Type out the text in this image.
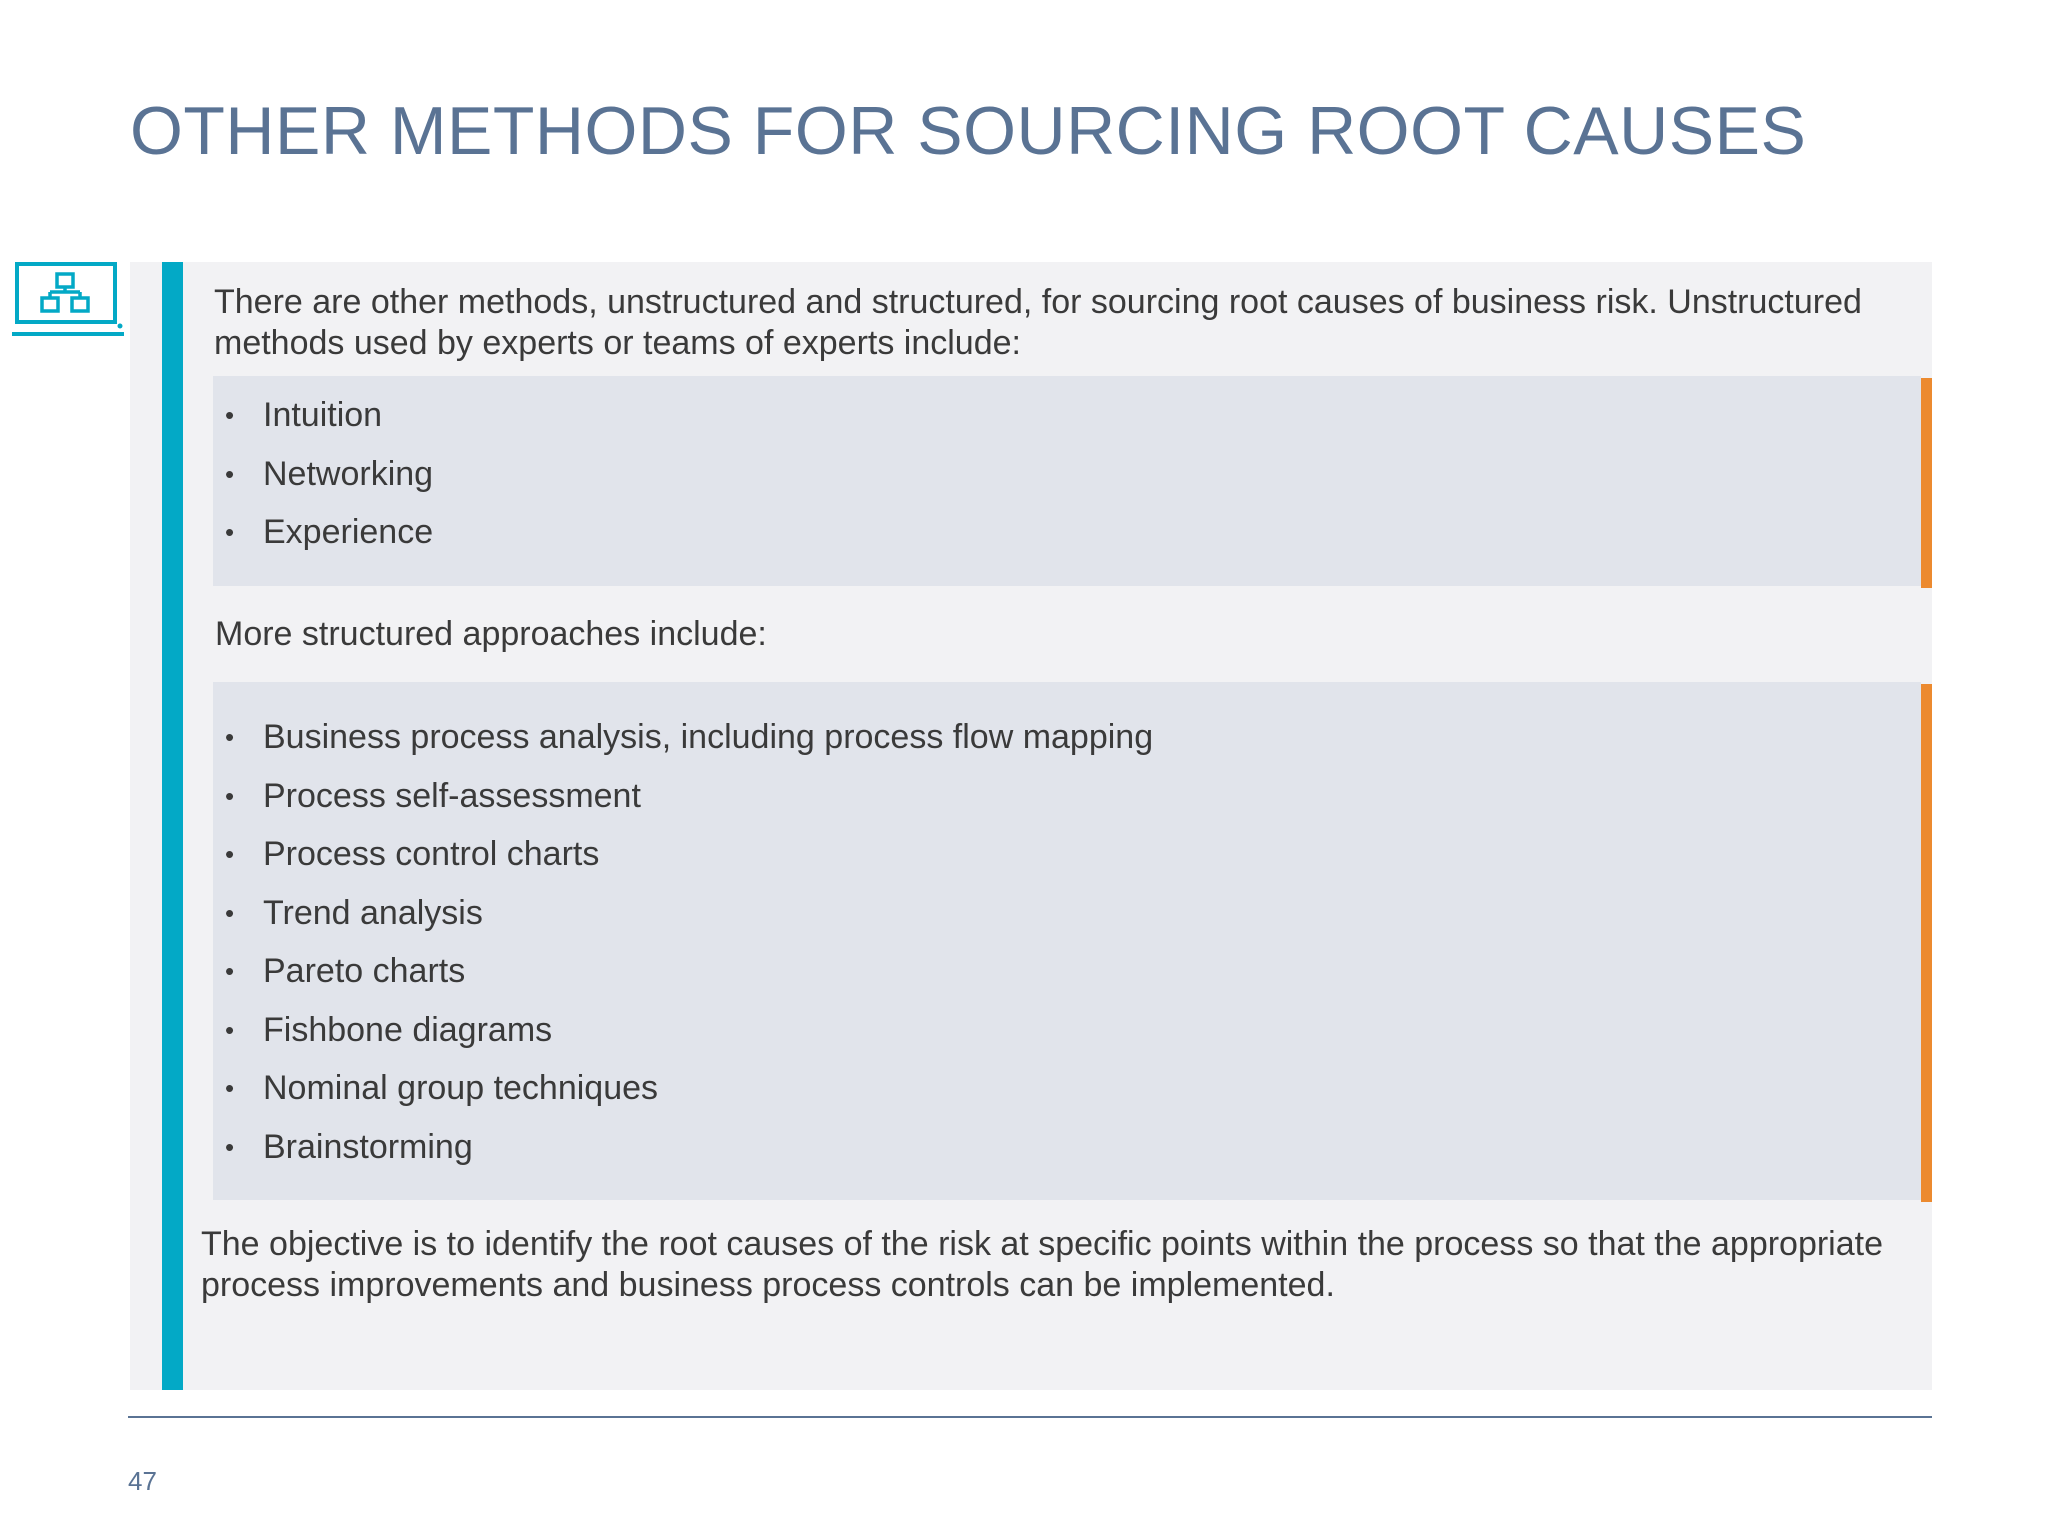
OTHER METHODS FOR SOURCING ROOT CAUSES
There are other methods, unstructured and structured, for sourcing root causes of business risk. Unstructured methods used by experts or teams of experts include:
• Intuition
• Networking
• Experience
More structured approaches include:
• Business process analysis, including process flow mapping
• Process self-assessment
• Process control charts
• Trend analysis
• Pareto charts
• Fishbone diagrams
• Nominal group techniques
• Brainstorming
The objective is to identify the root causes of the risk at specific points within the process so that the appropriate process improvements and business process controls can be implemented.
47
